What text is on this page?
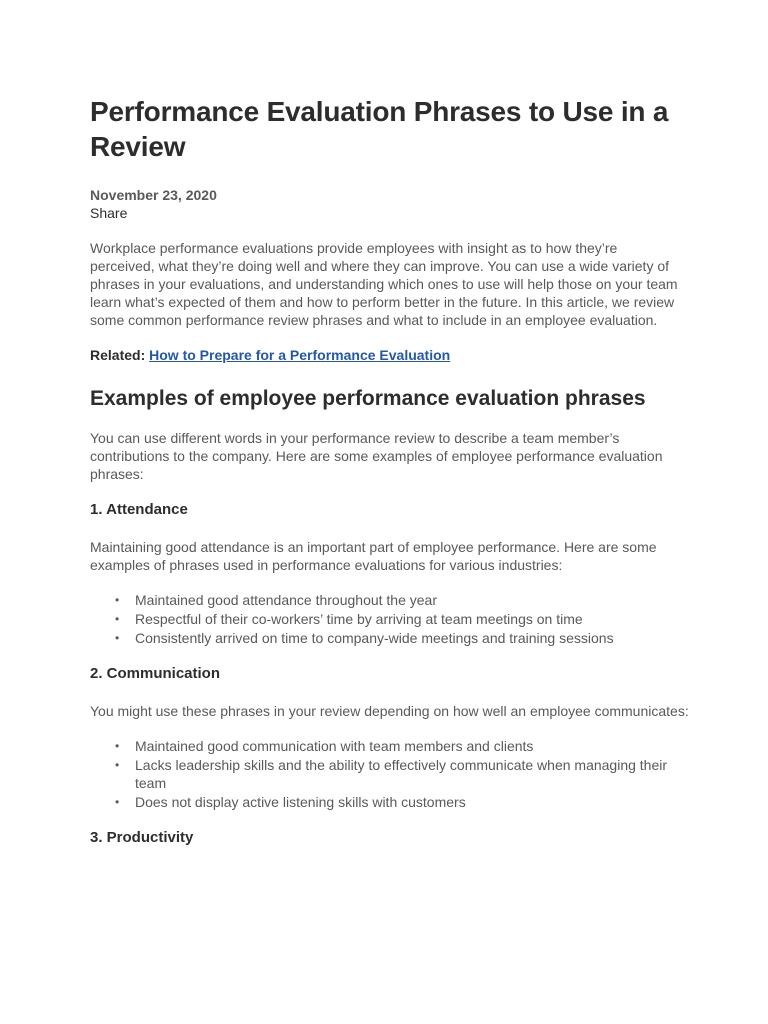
Performance Evaluation Phrases to Use in a Review
November 23, 2020
Share

Workplace performance evaluations provide employees with insight as to how they’re perceived, what they’re doing well and where they can improve. You can use a wide variety of phrases in your evaluations, and understanding which ones to use will help those on your team learn what’s expected of them and how to perform better in the future. In this article, we review some common performance review phrases and what to include in an employee evaluation.

Related: How to Prepare for a Performance Evaluation
Examples of employee performance evaluation phrases

You can use different words in your performance review to describe a team member’s contributions to the company. Here are some examples of employee performance evaluation phrases:

1. Attendance

Maintaining good attendance is an important part of employee performance. Here are some examples of phrases used in performance evaluations for various industries:

• Maintained good attendance throughout the year
• Respectful of their co-workers’ time by arriving at team meetings on time
• Consistently arrived on time to company-wide meetings and training sessions
2. Communication

You might use these phrases in your review depending on how well an employee communicates:

• Maintained good communication with team members and clients
• Lacks leadership skills and the ability to effectively communicate when managing their team
• Does not display active listening skills with customers
3. Productivity
